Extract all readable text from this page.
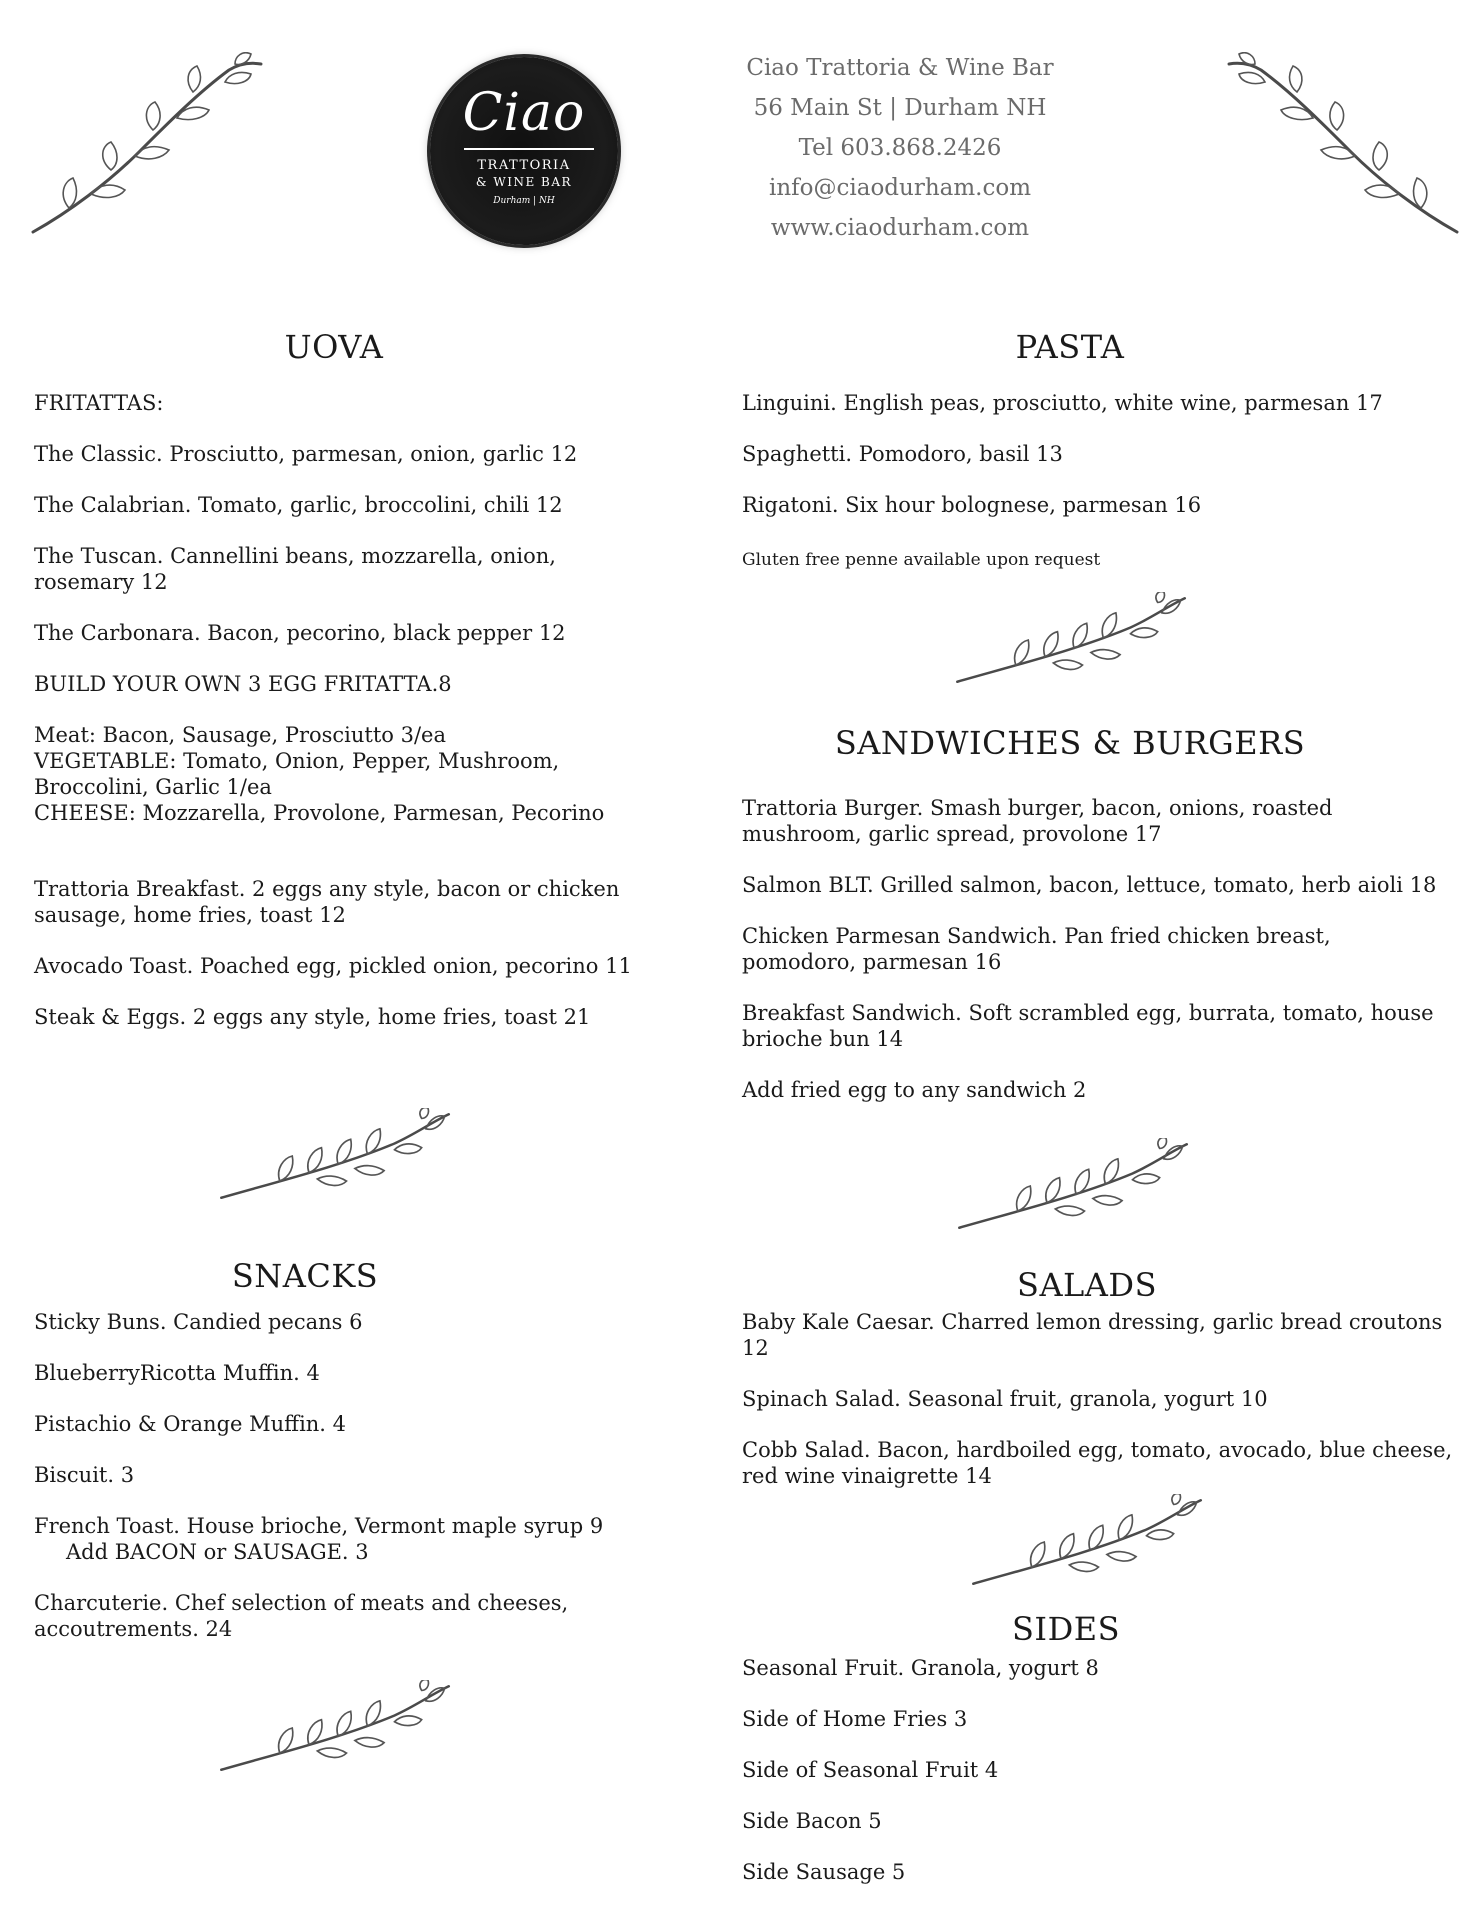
Ciao
TRATTORIA
& WINE BAR
Durham | NH
Ciao Trattoria & Wine Bar
56 Main St | Durham NH
Tel 603.868.2426
info@ciaodurham.com
www.ciaodurham.com
UOVA

FRITATTAS:

The Classic. Prosciutto, parmesan, onion, garlic 12

The Calabrian. Tomato, garlic, broccolini, chili 12

The Tuscan. Cannellini beans, mozzarella, onion,

rosemary 12

The Carbonara. Bacon, pecorino, black pepper 12

BUILD YOUR OWN 3 EGG FRITATTA.8

Meat: Bacon, Sausage, Prosciutto 3/ea

VEGETABLE: Tomato, Onion, Pepper, Mushroom,

Broccolini, Garlic 1/ea

CHEESE: Mozzarella, Provolone, Parmesan, Pecorino

Trattoria Breakfast. 2 eggs any style, bacon or chicken

sausage, home fries, toast 12

Avocado Toast. Poached egg, pickled onion, pecorino 11

Steak & Eggs. 2 eggs any style, home fries, toast 21

PASTA

Linguini. English peas, prosciutto, white wine, parmesan 17

Spaghetti. Pomodoro, basil 13

Rigatoni. Six hour bolognese, parmesan 16

Gluten free penne available upon request

SANDWICHES & BURGERS

Trattoria Burger. Smash burger, bacon, onions, roasted

mushroom, garlic spread, provolone 17

Salmon BLT. Grilled salmon, bacon, lettuce, tomato, herb aioli 18

Chicken Parmesan Sandwich. Pan fried chicken breast,

pomodoro, parmesan 16

Breakfast Sandwich. Soft scrambled egg, burrata, tomato, house

brioche bun 14

Add fried egg to any sandwich 2

SNACKS

Sticky Buns. Candied pecans 6

BlueberryRicotta Muffin. 4

Pistachio & Orange Muffin. 4

Biscuit. 3

French Toast. House brioche, Vermont maple syrup 9

Add BACON or SAUSAGE. 3

Charcuterie. Chef selection of meats and cheeses,

accoutrements. 24

SALADS

Baby Kale Caesar. Charred lemon dressing, garlic bread croutons

12

Spinach Salad. Seasonal fruit, granola, yogurt 10

Cobb Salad. Bacon, hardboiled egg, tomato, avocado, blue cheese,

red wine vinaigrette 14

SIDES

Seasonal Fruit. Granola, yogurt 8

Side of Home Fries 3

Side of Seasonal Fruit 4

Side Bacon 5

Side Sausage 5
